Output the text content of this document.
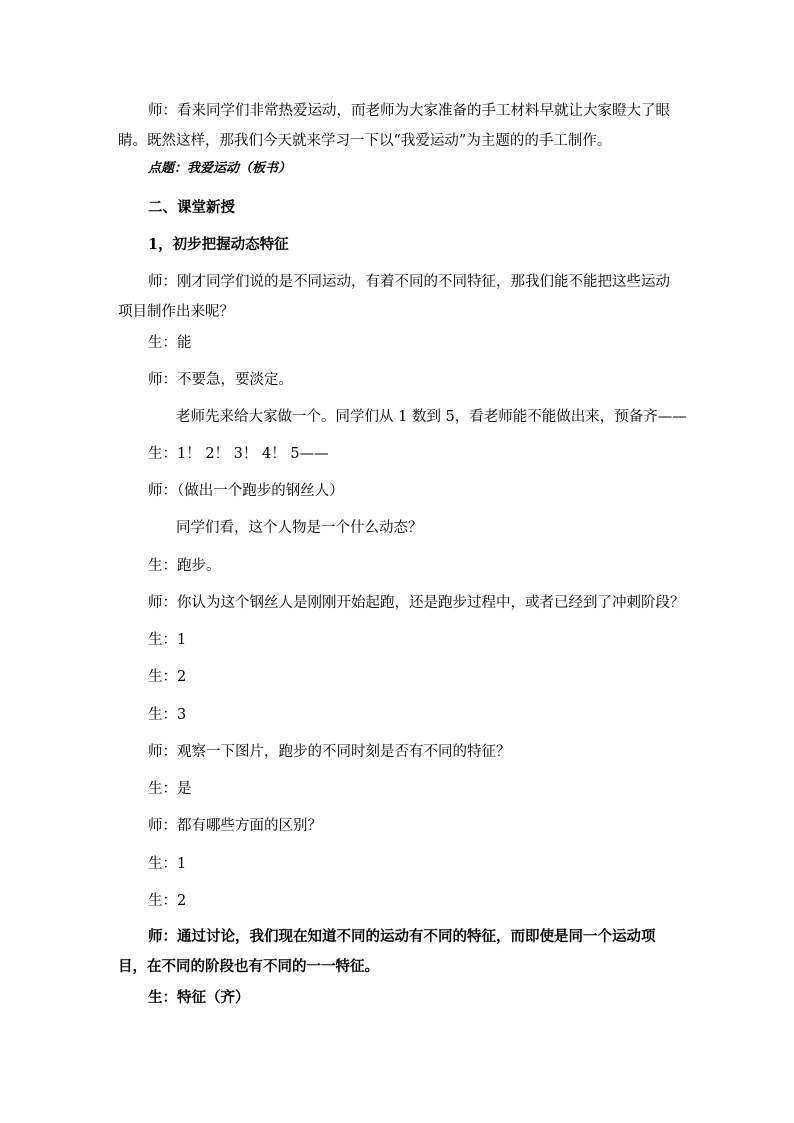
师：看来同学们非常热爱运动，而老师为大家准备的手工材料早就让大家瞪大了眼睛。既然这样，那我们今天就来学习一下以“我爱运动”为主题的的手工制作。
点题：我爱运动（板书）
二、课堂新授
1，初步把握动态特征
师：刚才同学们说的是不同运动，有着不同的不同特征，那我们能不能把这些运动项目制作出来呢？
生：能
师：不要急，要淡定。
老师先来给大家做一个。同学们从 1 数到 5，看老师能不能做出来，预备齐——
生：1！ 2！ 3！ 4！ 5——
师：（做出一个跑步的钢丝人）
同学们看，这个人物是一个什么动态？
生：跑步。
师：你认为这个钢丝人是刚刚开始起跑，还是跑步过程中，或者已经到了冲刺阶段？
生：1
生：2
生：3
师：观察一下图片，跑步的不同时刻是否有不同的特征？
生：是
师：都有哪些方面的区别？
生：1
生：2
师：通过讨论，我们现在知道不同的运动有不同的特征，而即使是同一个运动项目，在不同的阶段也有不同的一一特征。
生：特征（齐）
